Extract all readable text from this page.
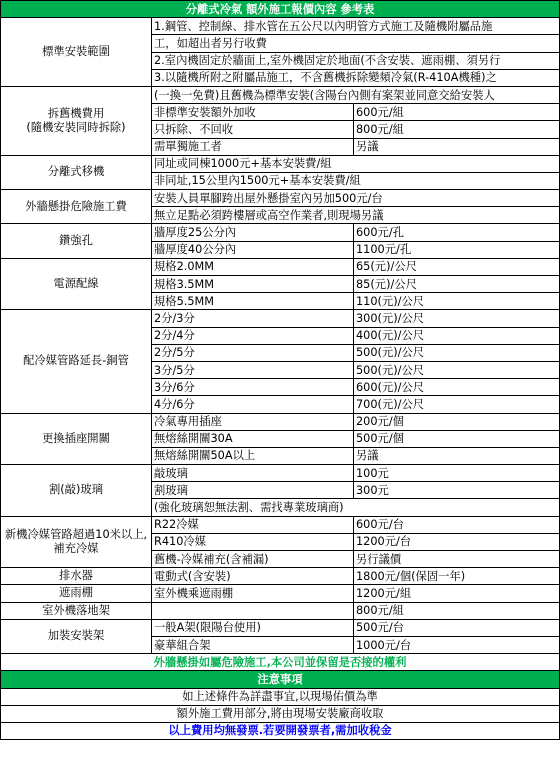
分離式冷氣 額外施工報價內容 參考表		
標準安裝範圍	1.鋼管、控制線、排水管在五公尺以內明管方式施工及隨機附屬品施	
	工，如超出者另行收費	
	2.室內機固定於牆面上,室外機固定於地面(不含安裝、遮雨棚、須另行	
	3.以隨機所附之附屬品施工，不含舊機拆除變頻冷氣(R-410A機種)之	
拆舊機費用
(隨機安裝同時拆除)	(一換一免費)且舊機為標準安裝(含陽台內側有案架並同意交給安裝人	
	非標準安裝額外加收	600元/組
	只拆除、不回收	800元/組
	需單獨施工者	另議
分離式移機	同址或同棟1000元+基本安裝費/組	
	非同址,15公里內1500元+基本安裝費/組	
外牆懸掛危險施工費	安裝人員單腳跨出屋外懸掛室內另加500元/台	
	無立足點必須跨樓層或高空作業者,則現場另議	
鑽強孔	牆厚度25公分內	600元/孔
	牆厚度40公分內	1100元/孔
電源配線	規格2.0MM	65(元)/公尺
	規格3.5MM	85(元)/公尺
	規格5.5MM	110(元)/公尺
配冷媒管路延長-銅管	2分/3分	300(元)/公尺
	2分/4分	400(元)/公尺
	2分/5分	500(元)/公尺
	3分/5分	500(元)/公尺
	3分/6分	600(元)/公尺
	4分/6分	700(元)/公尺
更換插座開關	冷氣專用插座	200元/個
	無熔絲開關30A	500元/個
	無熔絲開關50A以上	另議
割(敲)玻璃	敲玻璃	100元
	割玻璃	300元
	(強化玻璃恕無法割、需找專業玻璃商)	
新機冷媒管路超過10米以上,補充冷媒	R22冷媒	600元/台
	R410冷媒	1200元/台
	舊機-冷媒補充(含補漏)	另行議價
排水器	電動式(含安裝)	1800元/個(保固一年)
遮雨棚	室外機乘遮雨棚	1200元/組
室外機落地架		800元/組
加裝安裝架	一般A架(限陽台使用)	500元/台
	豪華組合架	1000元/台
外牆懸掛如屬危險施工,本公司並保留是否接的權利		
注意事項		
如上述條件為詳盡事宜,以現場佑價為準		
額外施工費用部分,將由現場安裝廠商收取		
以上費用均無發票.若要開發票者,需加收稅金		
